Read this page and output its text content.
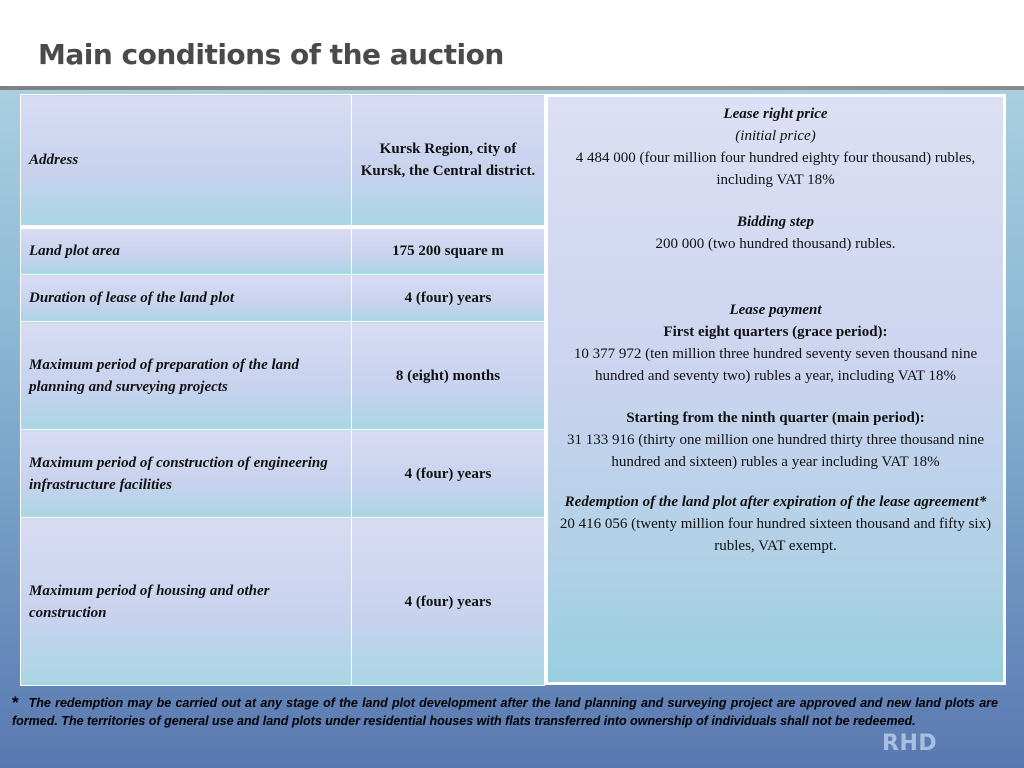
Main conditions of the auction
Address	Kursk Region, city of Kursk, the Central district.
Land plot area	175 200 square m
Duration of lease of the land plot	4 (four) years
Maximum period of preparation of the land planning and surveying projects	8 (eight) months
Maximum period of construction of engineering infrastructure facilities	4 (four) years
Maximum period of housing and other construction	4 (four) years

Lease right price

(initial price)

4 484 000 (four million four hundred eighty four thousand) rubles, including VAT 18%

Bidding step

200 000 (two hundred thousand) rubles.

Lease payment

First eight quarters (grace period):

10 377 972 (ten million three hundred seventy seven thousand nine hundred and seventy two) rubles a year, including VAT 18%

Starting from the ninth quarter (main period):

31 133 916 (thirty one million one hundred thirty three thousand nine hundred and sixteen) rubles a year including VAT 18%

Redemption of the land plot after expiration of the lease agreement*

20 416 056 (twenty million four hundred sixteen thousand and fifty six) rubles, VAT exempt.

* The redemption may be carried out at any stage of the land plot development after the land planning and surveying project are approved and new land plots are formed. The territories of general use and land plots under residential houses with flats transferred into ownership of individuals shall not be redeemed.
RHD
